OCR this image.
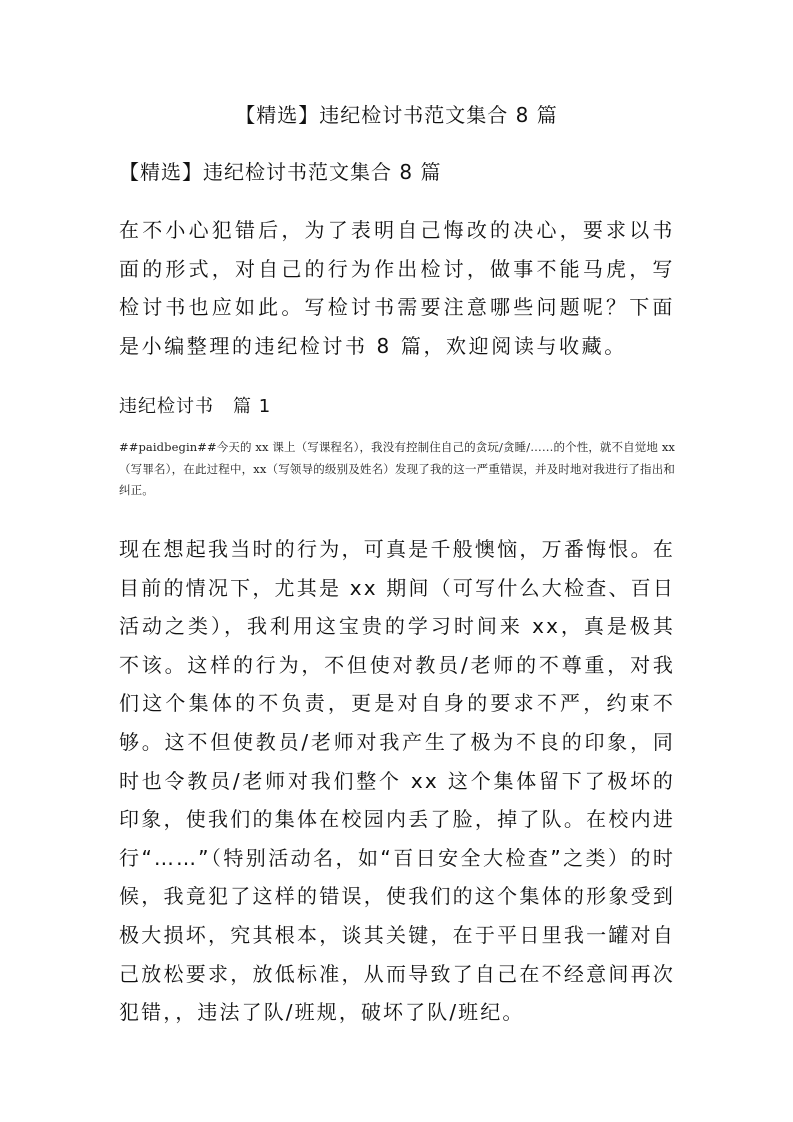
【精选】违纪检讨书范文集合 8 篇
【精选】违纪检讨书范文集合 8 篇

在不小心犯错后，为了表明自己悔改的决心，要求以书面的形式，对自己的行为作出检讨，做事不能马虎，写检讨书也应如此。写检讨书需要注意哪些问题呢？下面是小编整理的违纪检讨书 8 篇，欢迎阅读与收藏。

违纪检讨书　篇 1

##paidbegin##今天的 xx 课上（写课程名），我没有控制住自己的贪玩/贪睡/……的个性，就不自觉地 xx（写罪名），在此过程中，xx（写领导的级别及姓名）发现了我的这一严重错误，并及时地对我进行了指出和纠正。

现在想起我当时的行为，可真是千般懊恼，万番悔恨。在目前的情况下，尤其是 xx 期间（可写什么大检查、百日活动之类），我利用这宝贵的学习时间来 xx，真是极其不该。这样的行为，不但使对教员/老师的不尊重，对我们这个集体的不负责，更是对自身的要求不严，约束不够。这不但使教员/老师对我产生了极为不良的印象，同时也令教员/老师对我们整个 xx 这个集体留下了极坏的印象，使我们的集体在校园内丢了脸，掉了队。在校内进行“……”（特别活动名，如“百日安全大检查”之类）的时候，我竟犯了这样的错误，使我们的这个集体的形象受到极大损坏，究其根本，谈其关键，在于平日里我一罐对自己放松要求，放低标准，从而导致了自己在不经意间再次犯错，，违法了队/班规，破坏了队/班纪。
